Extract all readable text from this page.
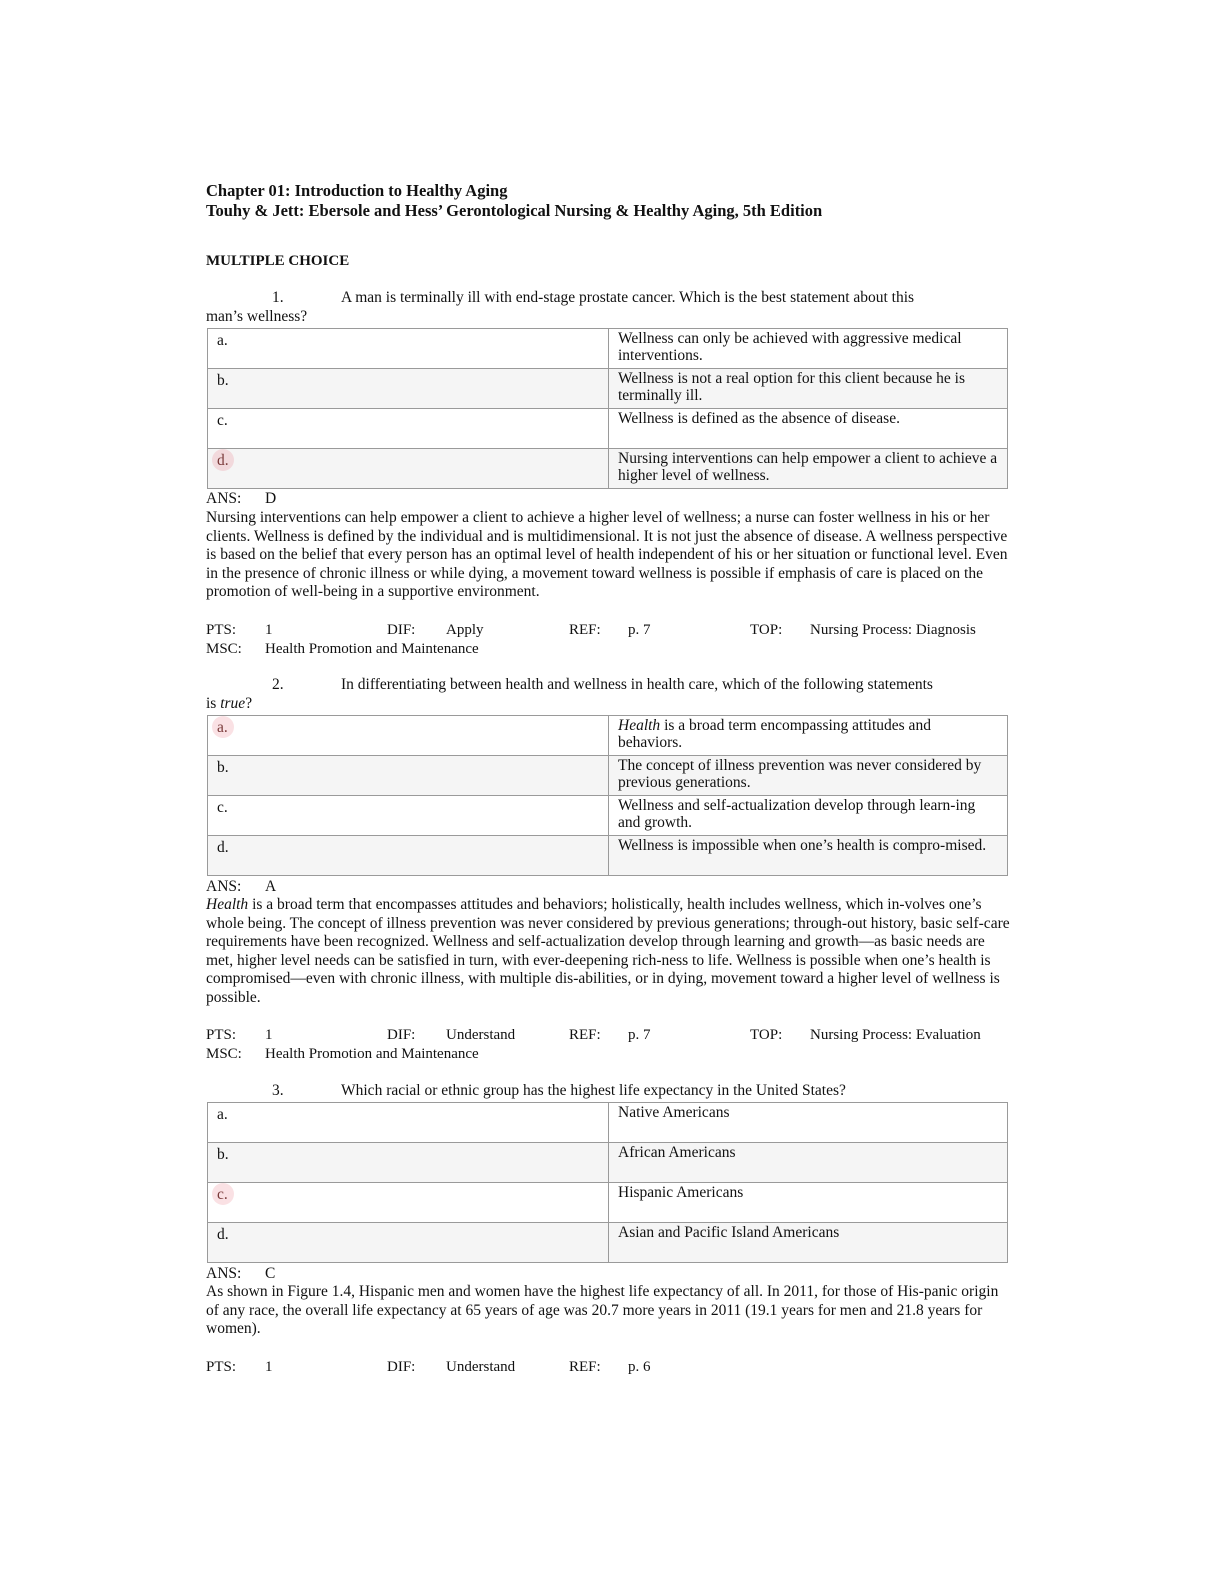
Chapter 01: Introduction to Healthy Aging
Touhy & Jett: Ebersole and Hess’ Gerontological Nursing & Healthy Aging, 5th Edition
MULTIPLE CHOICE
1.	A man is terminally ill with end-stage prostate cancer. Which is the best statement about this
man’s wellness?
a.	Wellness can only be achieved with aggressive medical interventions.
b.	Wellness is not a real option for this client because he is terminally ill.
c.	Wellness is defined as the absence of disease.
d.	Nursing interventions can help empower a client to achieve a higher level of wellness.
ANS: D
Nursing interventions can help empower a client to achieve a higher level of wellness; a nurse can foster wellness in his or her clients. Wellness is defined by the individual and is multidimensional. It is not just the absence of disease. A wellness perspective is based on the belief that every person has an optimal level of health independent of his or her situation or functional level. Even in the presence of chronic illness or while dying, a movement toward wellness is possible if emphasis of care is placed on the promotion of well-being in a supportive environment.
PTS: 1	DIF: Apply	REF: p. 7	TOP: Nursing Process: Diagnosis
MSC: Health Promotion and Maintenance
2.	In differentiating between health and wellness in health care, which of the following statements
is true?
a.	Health is a broad term encompassing attitudes and behaviors.
b.	The concept of illness prevention was never considered by previous generations.
c.	Wellness and self-actualization develop through learn-ing and growth.
d.	Wellness is impossible when one’s health is compro-mised.
ANS: A
Health is a broad term that encompasses attitudes and behaviors; holistically, health includes wellness, which in-volves one’s whole being. The concept of illness prevention was never considered by previous generations; through-out history, basic self-care requirements have been recognized. Wellness and self-actualization develop through learning and growth—as basic needs are met, higher level needs can be satisfied in turn, with ever-deepening rich-ness to life. Wellness is possible when one’s health is compromised—even with chronic illness, with multiple dis-abilities, or in dying, movement toward a higher level of wellness is possible.
PTS: 1	DIF: Understand	REF: p. 7	TOP: Nursing Process: Evaluation
MSC: Health Promotion and Maintenance
3.	Which racial or ethnic group has the highest life expectancy in the United States?
a.	Native Americans
b.	African Americans
c.	Hispanic Americans
d.	Asian and Pacific Island Americans
ANS: C
As shown in Figure 1.4, Hispanic men and women have the highest life expectancy of all. In 2011, for those of His-panic origin of any race, the overall life expectancy at 65 years of age was 20.7 more years in 2011 (19.1 years for men and 21.8 years for women).
PTS: 1	DIF: Understand	REF: p. 6
